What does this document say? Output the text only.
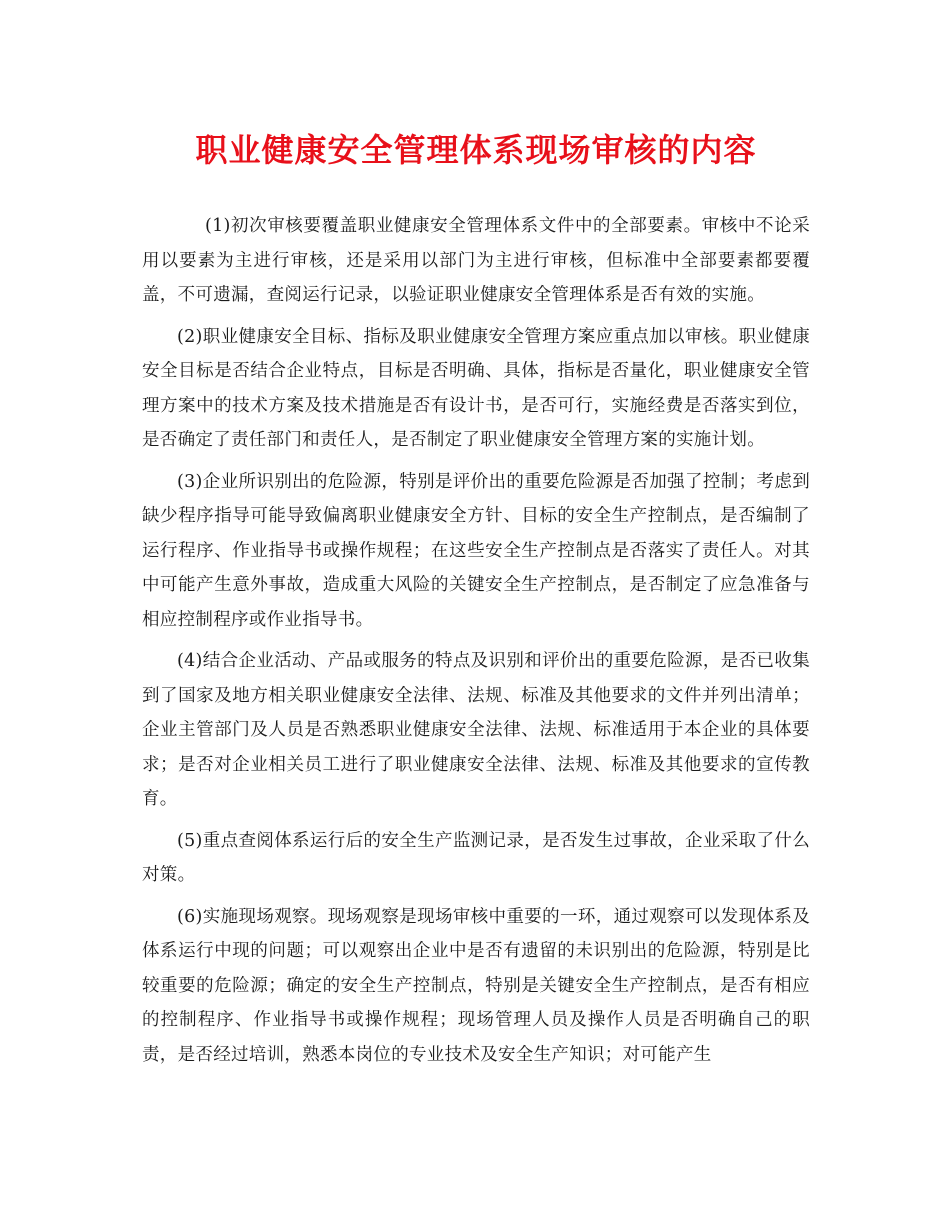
职业健康安全管理体系现场审核的内容

(1)初次审核要覆盖职业健康安全管理体系文件中的全部要素。审核中不论采用以要素为主进行审核，还是采用以部门为主进行审核，但标准中全部要素都要覆盖，不可遗漏，查阅运行记录，以验证职业健康安全管理体系是否有效的实施。

(2)职业健康安全目标、指标及职业健康安全管理方案应重点加以审核。职业健康安全目标是否结合企业特点，目标是否明确、具体，指标是否量化，职业健康安全管理方案中的技术方案及技术措施是否有设计书，是否可行，实施经费是否落实到位，是否确定了责任部门和责任人，是否制定了职业健康安全管理方案的实施计划。

(3)企业所识别出的危险源，特别是评价出的重要危险源是否加强了控制；考虑到缺少程序指导可能导致偏离职业健康安全方针、目标的安全生产控制点，是否编制了运行程序、作业指导书或操作规程；在这些安全生产控制点是否落实了责任人。对其中可能产生意外事故，造成重大风险的关键安全生产控制点，是否制定了应急准备与相应控制程序或作业指导书。

(4)结合企业活动、产品或服务的特点及识别和评价出的重要危险源，是否已收集到了国家及地方相关职业健康安全法律、法规、标准及其他要求的文件并列出清单；企业主管部门及人员是否熟悉职业健康安全法律、法规、标准适用于本企业的具体要求；是否对企业相关员工进行了职业健康安全法律、法规、标准及其他要求的宣传教育。

(5)重点查阅体系运行后的安全生产监测记录，是否发生过事故，企业采取了什么对策。

(6)实施现场观察。现场观察是现场审核中重要的一环，通过观察可以发现体系及体系运行中现的问题；可以观察出企业中是否有遗留的未识别出的危险源，特别是比较重要的危险源；确定的安全生产控制点，特别是关键安全生产控制点，是否有相应的控制程序、作业指导书或操作规程；现场管理人员及操作人员是否明确自己的职责，是否经过培训，熟悉本岗位的专业技术及安全生产知识；对可能产生
